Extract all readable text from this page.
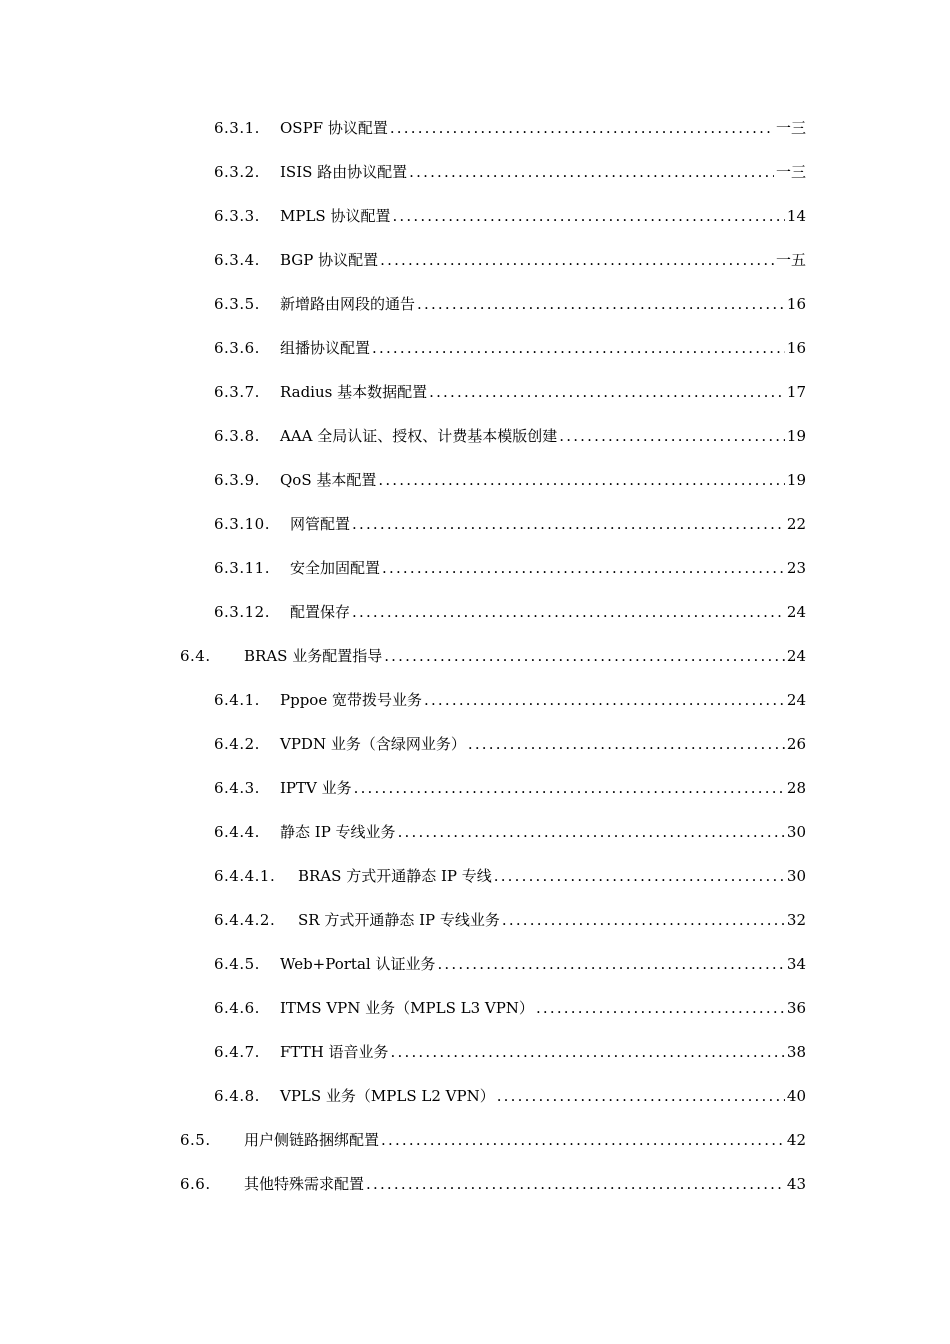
6.3.1.	OSPF 协议配置 .....	一三
6.3.2.	ISIS 路由协议配置 .....	一三
6.3.3.	MPLS 协议配置 .....	14
6.3.4.	BGP 协议配置 .....	一五
6.3.5.	新增路由网段的通告 .....	16
6.3.6.	组播协议配置 .....	16
6.3.7.	Radius 基本数据配置 .....	17
6.3.8.	AAA 全局认证、授权、计费基本模版创建 .....	19
6.3.9.	QoS 基本配置 .....	19
6.3.10.	网管配置 .....	22
6.3.11.	安全加固配置 .....	23
6.3.12.	配置保存 .....	24
6.4.	BRAS 业务配置指导 .....	24
6.4.1.	Pppoe 宽带拨号业务 .....	24
6.4.2.	VPDN 业务（含绿网业务） .....	26
6.4.3.	IPTV 业务 .....	28
6.4.4.	静态 IP 专线业务 .....	30
6.4.4.1.	BRAS 方式开通静态 IP 专线 .....	30
6.4.4.2.	SR 方式开通静态 IP 专线业务 .....	32
6.4.5.	Web+Portal 认证业务 .....	34
6.4.6.	ITMS VPN 业务（MPLS L3 VPN） .....	36
6.4.7.	FTTH 语音业务 .....	38
6.4.8.	VPLS 业务（MPLS L2 VPN） .....	40
6.5.	用户侧链路捆绑配置 .....	42
6.6.	其他特殊需求配置 .....	43
